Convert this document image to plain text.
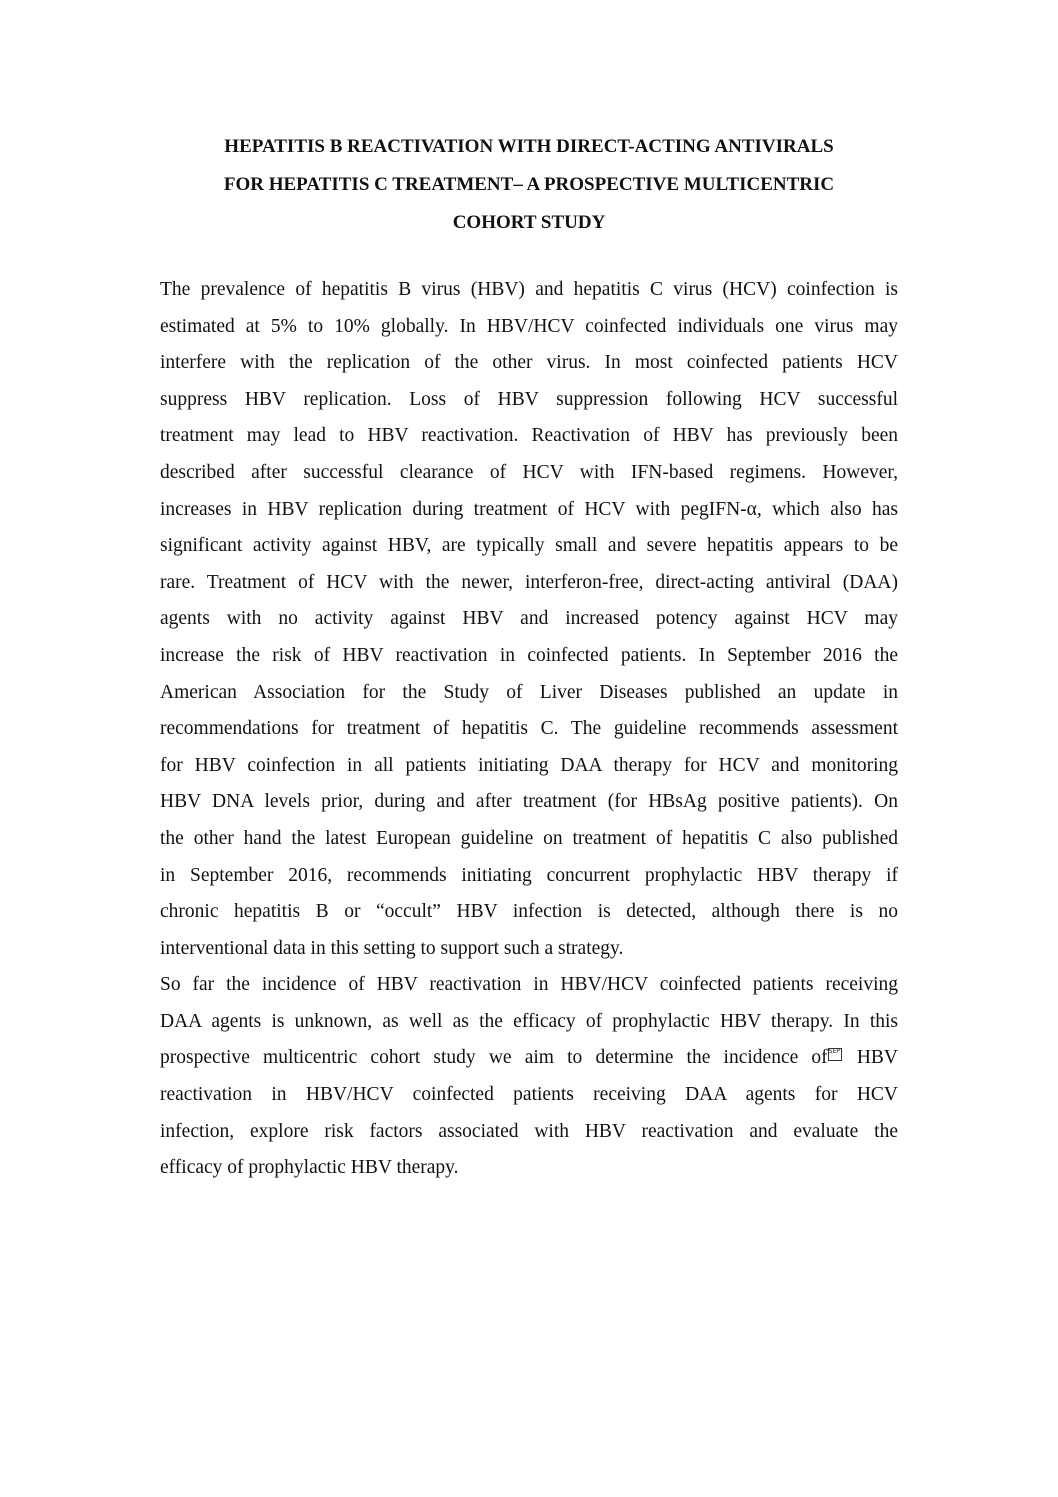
HEPATITIS B REACTIVATION WITH DIRECT-ACTING ANTIVIRALS
FOR HEPATITIS C TREATMENT– A PROSPECTIVE MULTICENTRIC
COHORT STUDY

The prevalence of hepatitis B virus (HBV) and hepatitis C virus (HCV) coinfection is
estimated at 5% to 10% globally. In HBV/HCV coinfected individuals one virus may
interfere with the replication of the other virus. In most coinfected patients HCV
suppress HBV replication. Loss of HBV suppression following HCV successful
treatment may lead to HBV reactivation. Reactivation of HBV has previously been
described after successful clearance of HCV with IFN-based regimens. However,
increases in HBV replication during treatment of HCV with pegIFN-α, which also has
significant activity against HBV, are typically small and severe hepatitis appears to be
rare. Treatment of HCV with the newer, interferon-free, direct-acting antiviral (DAA)
agents with no activity against HBV and increased potency against HCV may
increase the risk of HBV reactivation in coinfected patients. In September 2016 the
American Association for the Study of Liver Diseases published an update in
recommendations for treatment of hepatitis C. The guideline recommends assessment
for HBV coinfection in all patients initiating DAA therapy for HCV and monitoring
HBV DNA levels prior, during and after treatment (for HBsAg positive patients). On
the other hand the latest European guideline on treatment of hepatitis C also published
in September 2016, recommends initiating concurrent prophylactic HBV therapy if
chronic hepatitis B or “occult” HBV infection is detected, although there is no
interventional data in this setting to support such a strategy.

So far the incidence of HBV reactivation in HBV/HCV coinfected patients receiving
DAA agents is unknown, as well as the efficacy of prophylactic HBV therapy. In this
prospective multicentric cohort study we aim to determine the incidence ofSEP HBV
reactivation in HBV/HCV coinfected patients receiving DAA agents for HCV
infection, explore risk factors associated with HBV reactivation and evaluate the
efficacy of prophylactic HBV therapy.
